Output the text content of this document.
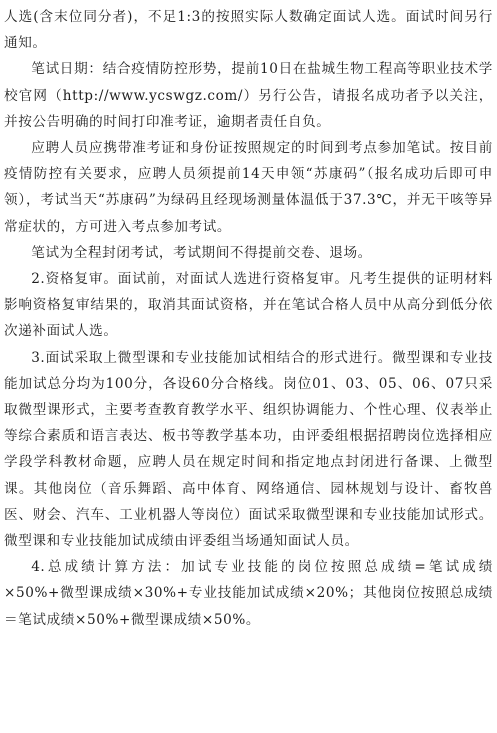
人选(含末位同分者)，不足1:3的按照实际人数确定面试人选。面试时间另行通知。

笔试日期：结合疫情防控形势，提前10日在盐城生物工程高等职业技术学校官网（http://www.ycswgz.com/）另行公告，请报名成功者予以关注，并按公告明确的时间打印准考证，逾期者责任自负。

应聘人员应携带准考证和身份证按照规定的时间到考点参加笔试。按目前疫情防控有关要求，应聘人员须提前14天申领“苏康码”（报名成功后即可申领），考试当天“苏康码”为绿码且经现场测量体温低于37.3℃，并无干咳等异常症状的，方可进入考点参加考试。

笔试为全程封闭考试，考试期间不得提前交卷、退场。

2.资格复审。面试前，对面试人选进行资格复审。凡考生提供的证明材料影响资格复审结果的，取消其面试资格，并在笔试合格人员中从高分到低分依次递补面试人选。

3.面试采取上微型课和专业技能加试相结合的形式进行。微型课和专业技能加试总分均为100分，各设60分合格线。岗位01、03、05、06、07只采取微型课形式，主要考查教育教学水平、组织协调能力、个性心理、仪表举止等综合素质和语言表达、板书等教学基本功，由评委组根据招聘岗位选择相应学段学科教材命题，应聘人员在规定时间和指定地点封闭进行备课、上微型课。其他岗位（音乐舞蹈、高中体育、网络通信、园林规划与设计、畜牧兽医、财会、汽车、工业机器人等岗位）面试采取微型课和专业技能加试形式。微型课和专业技能加试成绩由评委组当场通知面试人员。

4.总成绩计算方法：加试专业技能的岗位按照总成绩=笔试成绩×50%+微型课成绩×30%+专业技能加试成绩×20%；其他岗位按照总成绩＝笔试成绩×50%+微型课成绩×50%。
